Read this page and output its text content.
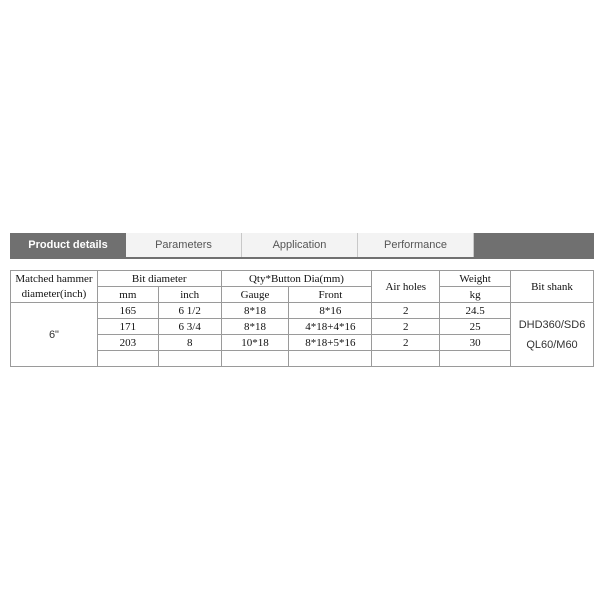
Product details	Parameters	Application	Performance
Matched hammer diameter(inch)	Bit diameter		Qty*Button Dia(mm)		Air holes	Weight	Bit shank
	mm	inch	Gauge	Front		kg	
6"	165	6 1/2	8*18	8*16	2	24.5	DHD360/SD6
QL60/M60

	171	6 3/4	8*18	4*18+4*16	2	25	
	203	8	10*18	8*18+5*16	2	30	
